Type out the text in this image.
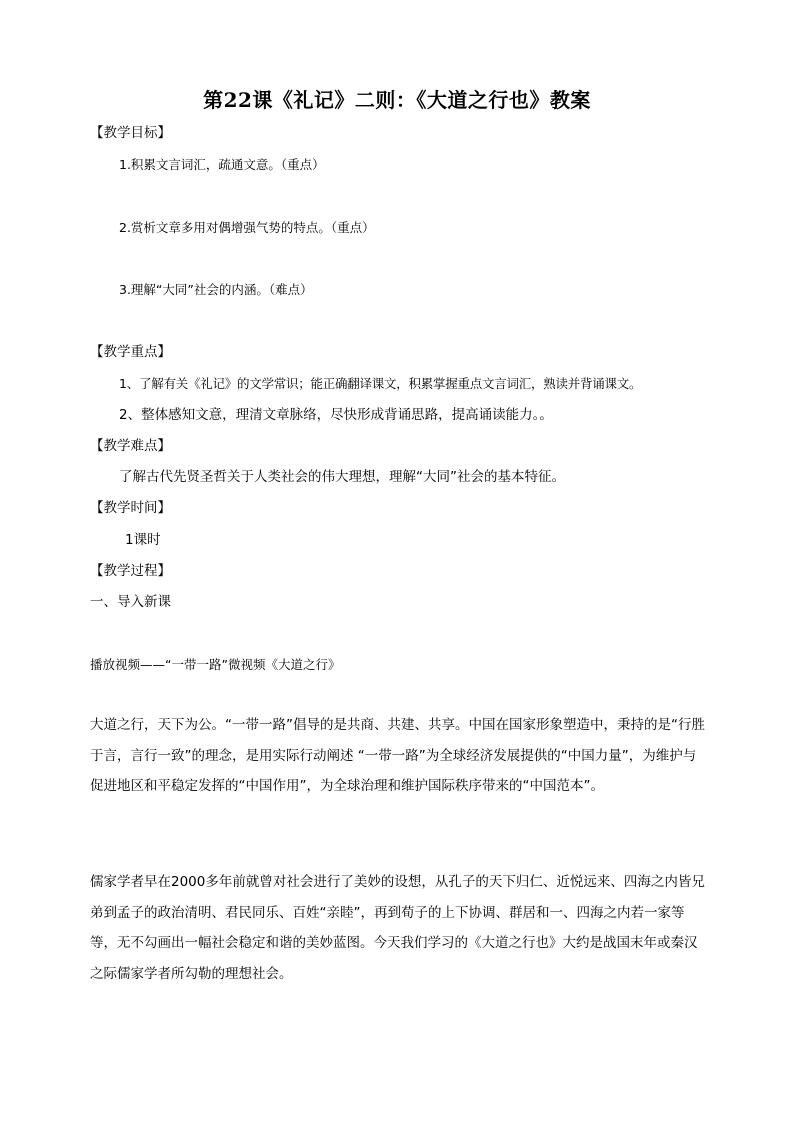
第22课《礼记》二则：《大道之行也》教案
【教学目标】
1.积累文言词汇，疏通文意。（重点）
2.赏析文章多用对偶增强气势的特点。（重点）
3.理解“大同”社会的内涵。（难点）
【教学重点】
1、了解有关《礼记》的文学常识；能正确翻译课文，积累掌握重点文言词汇，熟读并背诵课文。
2、整体感知文意，理清文章脉络，尽快形成背诵思路，提高诵读能力。。
【教学难点】
了解古代先贤圣哲关于人类社会的伟大理想，理解“大同”社会的基本特征。
【教学时间】
1课时
【教学过程】
一、导入新课
播放视频——“一带一路”微视频《大道之行》
大道之行，天下为公。“一带一路”倡导的是共商、共建、共享。中国在国家形象塑造中，秉持的是“行胜于言，言行一致”的理念，是用实际行动阐述 “一带一路”为全球经济发展提供的“中国力量”，为维护与促进地区和平稳定发挥的“中国作用”，为全球治理和维护国际秩序带来的“中国范本”。
儒家学者早在2000多年前就曾对社会进行了美妙的设想，从孔子的天下归仁、近悦远来、四海之内皆兄弟到孟子的政治清明、君民同乐、百姓“亲睦”，再到荀子的上下协调、群居和一、四海之内若一家等等，无不勾画出一幅社会稳定和谐的美妙蓝图。今天我们学习的《大道之行也》大约是战国末年或秦汉之际儒家学者所勾勒的理想社会。
